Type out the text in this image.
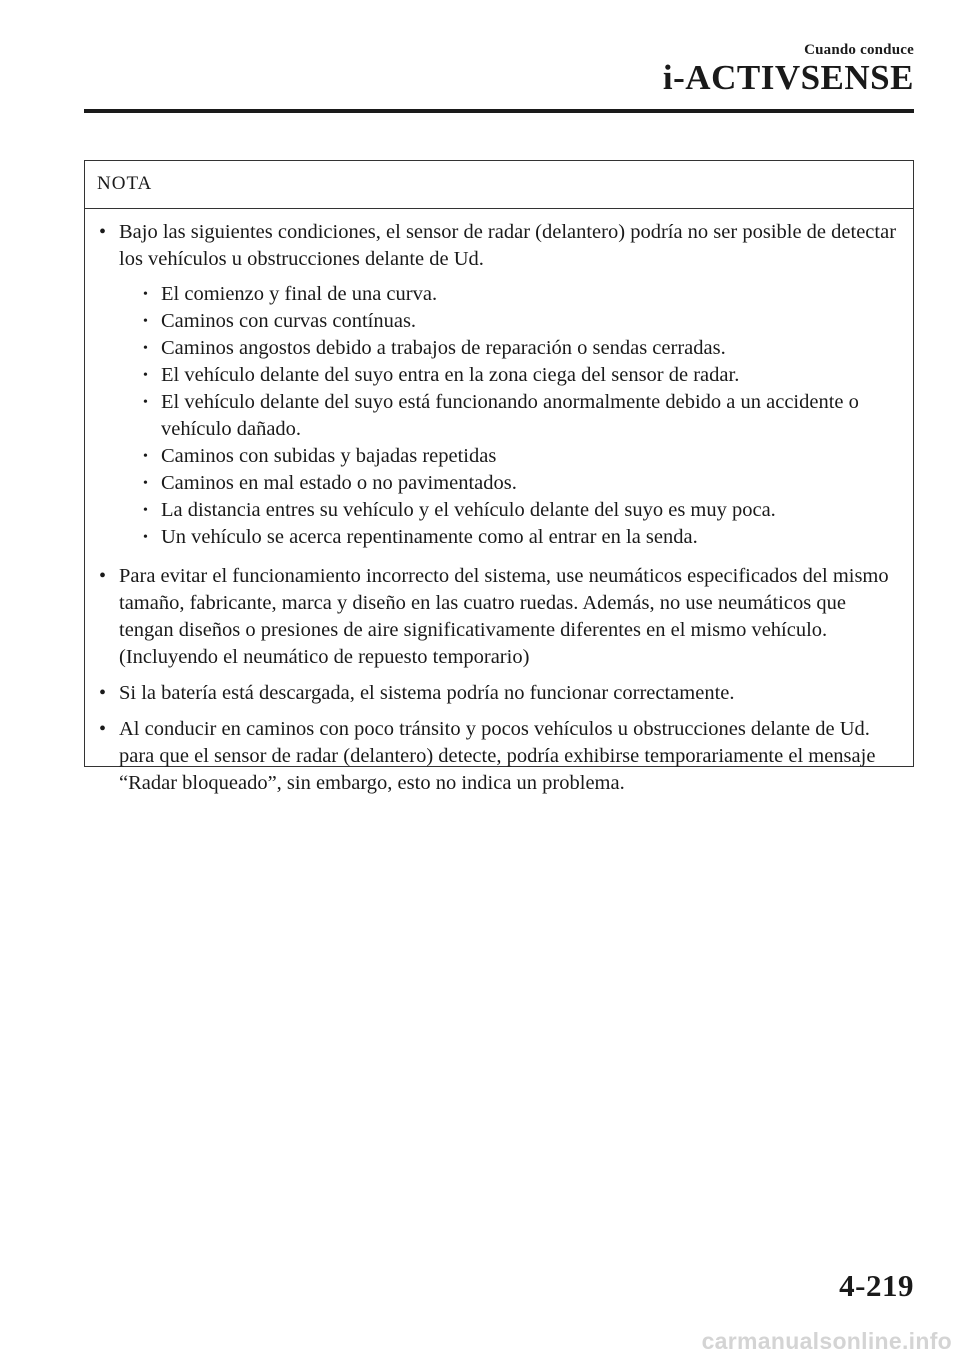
Cuando conduce
i-ACTIVSENSE
NOTA
• Bajo las siguientes condiciones, el sensor de radar (delantero) podría no ser posible de detectar los vehículos u obstrucciones delante de Ud.
• El comienzo y final de una curva.
• Caminos con curvas contínuas.
• Caminos angostos debido a trabajos de reparación o sendas cerradas.
• El vehículo delante del suyo entra en la zona ciega del sensor de radar.
• El vehículo delante del suyo está funcionando anormalmente debido a un accidente o vehículo dañado.
• Caminos con subidas y bajadas repetidas
• Caminos en mal estado o no pavimentados.
• La distancia entres su vehículo y el vehículo delante del suyo es muy poca.
• Un vehículo se acerca repentinamente como al entrar en la senda.
• Para evitar el funcionamiento incorrecto del sistema, use neumáticos especificados del mismo tamaño, fabricante, marca y diseño en las cuatro ruedas. Además, no use neumáticos que tengan diseños o presiones de aire significativamente diferentes en el mismo vehículo. (Incluyendo el neumático de repuesto temporario)
• Si la batería está descargada, el sistema podría no funcionar correctamente.
• Al conducir en caminos con poco tránsito y pocos vehículos u obstrucciones delante de Ud. para que el sensor de radar (delantero) detecte, podría exhibirse temporariamente el mensaje “Radar bloqueado”, sin embargo, esto no indica un problema.
4-219
carmanualsonline.info
